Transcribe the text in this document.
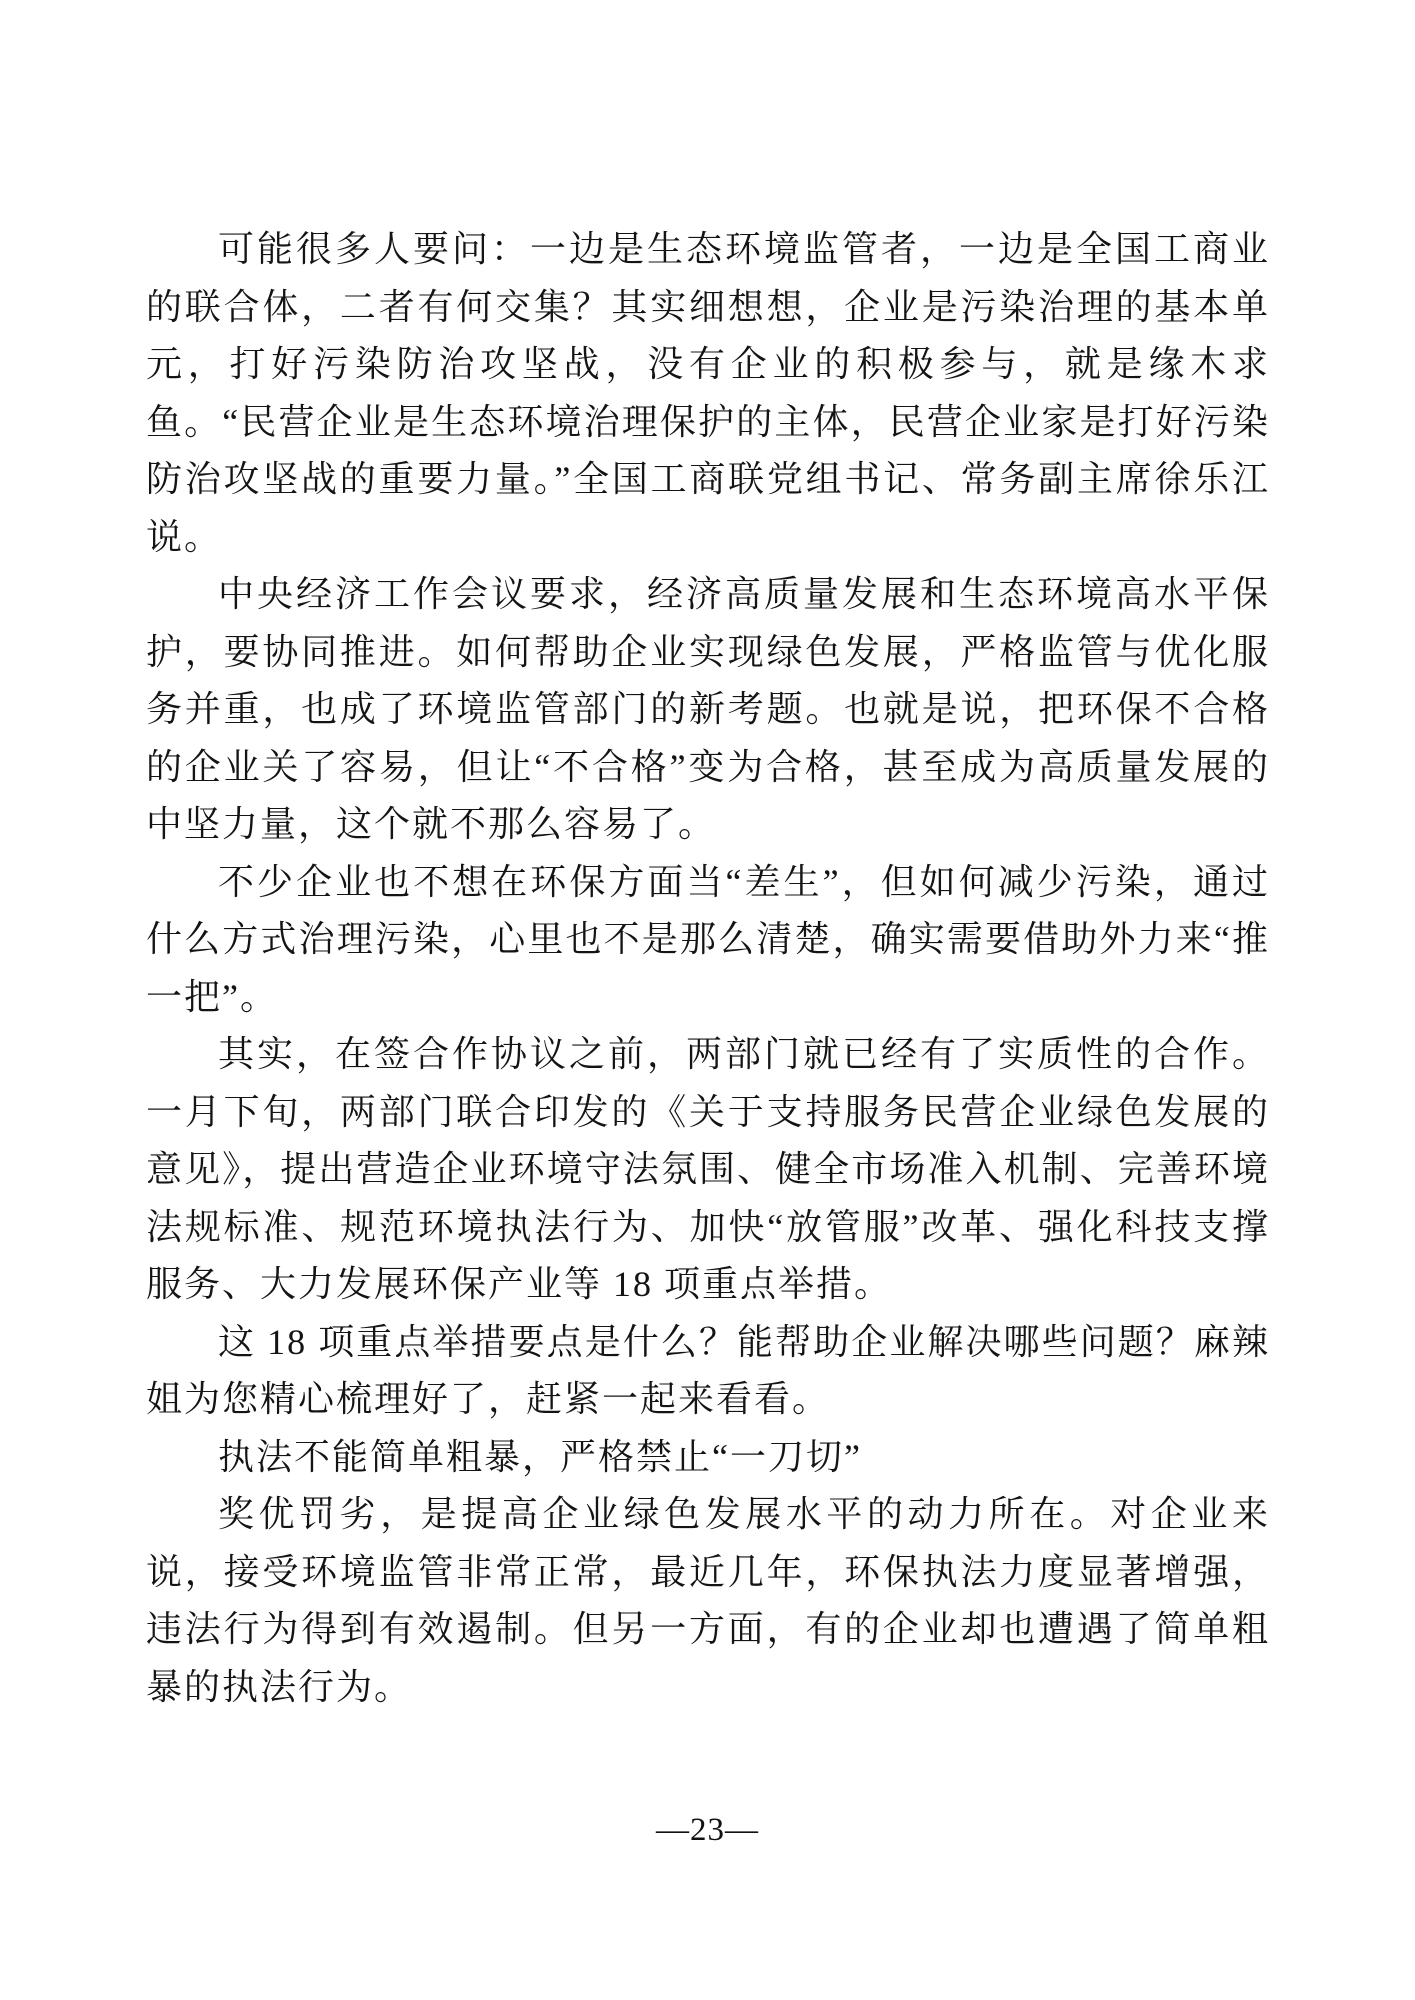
可能很多人要问：一边是生态环境监管者，一边是全国工商业的联合体，二者有何交集？其实细想想，企业是污染治理的基本单元，打好污染防治攻坚战，没有企业的积极参与，就是缘木求鱼。“民营企业是生态环境治理保护的主体，民营企业家是打好污染防治攻坚战的重要力量。”全国工商联党组书记、常务副主席徐乐江说。

中央经济工作会议要求，经济高质量发展和生态环境高水平保护，要协同推进。如何帮助企业实现绿色发展，严格监管与优化服务并重，也成了环境监管部门的新考题。也就是说，把环保不合格的企业关了容易，但让“不合格”变为合格，甚至成为高质量发展的中坚力量，这个就不那么容易了。

不少企业也不想在环保方面当“差生”，但如何减少污染，通过什么方式治理污染，心里也不是那么清楚，确实需要借助外力来“推一把”。

其实，在签合作协议之前，两部门就已经有了实质性的合作。一月下旬，两部门联合印发的《关于支持服务民营企业绿色发展的意见》，提出营造企业环境守法氛围、健全市场准入机制、完善环境法规标准、规范环境执法行为、加快“放管服”改革、强化科技支撑服务、大力发展环保产业等 18 项重点举措。

这 18 项重点举措要点是什么？能帮助企业解决哪些问题？麻辣姐为您精心梳理好了，赶紧一起来看看。

执法不能简单粗暴，严格禁止“一刀切”

奖优罚劣，是提高企业绿色发展水平的动力所在。对企业来说，接受环境监管非常正常，最近几年，环保执法力度显著增强，违法行为得到有效遏制。但另一方面，有的企业却也遭遇了简单粗暴的执法行为。

—23—
